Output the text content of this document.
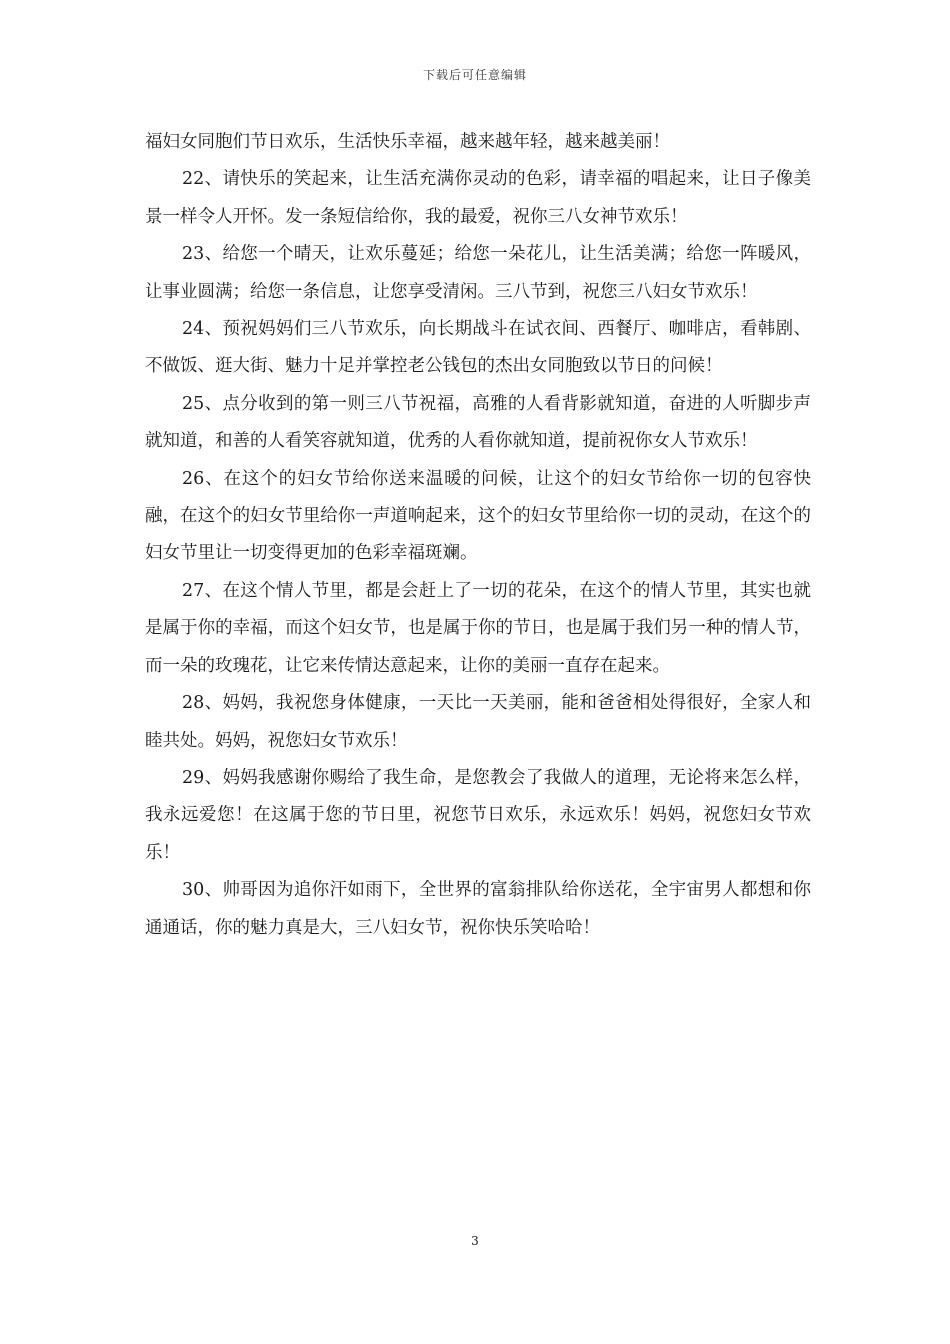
下载后可任意编辑

福妇女同胞们节日欢乐，生活快乐幸福，越来越年轻，越来越美丽！

22、请快乐的笑起来，让生活充满你灵动的色彩，请幸福的唱起来，让日子像美景一样令人开怀。发一条短信给你，我的最爱，祝你三八女神节欢乐！

23、给您一个晴天，让欢乐蔓延；给您一朵花儿，让生活美满；给您一阵暖风，让事业圆满；给您一条信息，让您享受清闲。三八节到，祝您三八妇女节欢乐！

24、预祝妈妈们三八节欢乐，向长期战斗在试衣间、西餐厅、咖啡店，看韩剧、不做饭、逛大街、魅力十足并掌控老公钱包的杰出女同胞致以节日的问候！

25、点分收到的第一则三八节祝福，高雅的人看背影就知道，奋进的人听脚步声就知道，和善的人看笑容就知道，优秀的人看你就知道，提前祝你女人节欢乐！

26、在这个的妇女节给你送来温暖的问候，让这个的妇女节给你一切的包容快融，在这个的妇女节里给你一声道响起来，这个的妇女节里给你一切的灵动，在这个的妇女节里让一切变得更加的色彩幸福斑斓。

27、在这个情人节里，都是会赶上了一切的花朵，在这个的情人节里，其实也就是属于你的幸福，而这个妇女节，也是属于你的节日，也是属于我们另一种的情人节，而一朵的玫瑰花，让它来传情达意起来，让你的美丽一直存在起来。

28、妈妈，我祝您身体健康，一天比一天美丽，能和爸爸相处得很好，全家人和睦共处。妈妈，祝您妇女节欢乐！

29、妈妈我感谢你赐给了我生命，是您教会了我做人的道理，无论将来怎么样，我永远爱您！在这属于您的节日里，祝您节日欢乐，永远欢乐！妈妈，祝您妇女节欢乐！

30、帅哥因为追你汗如雨下，全世界的富翁排队给你送花，全宇宙男人都想和你通通话，你的魅力真是大，三八妇女节，祝你快乐笑哈哈！

3
